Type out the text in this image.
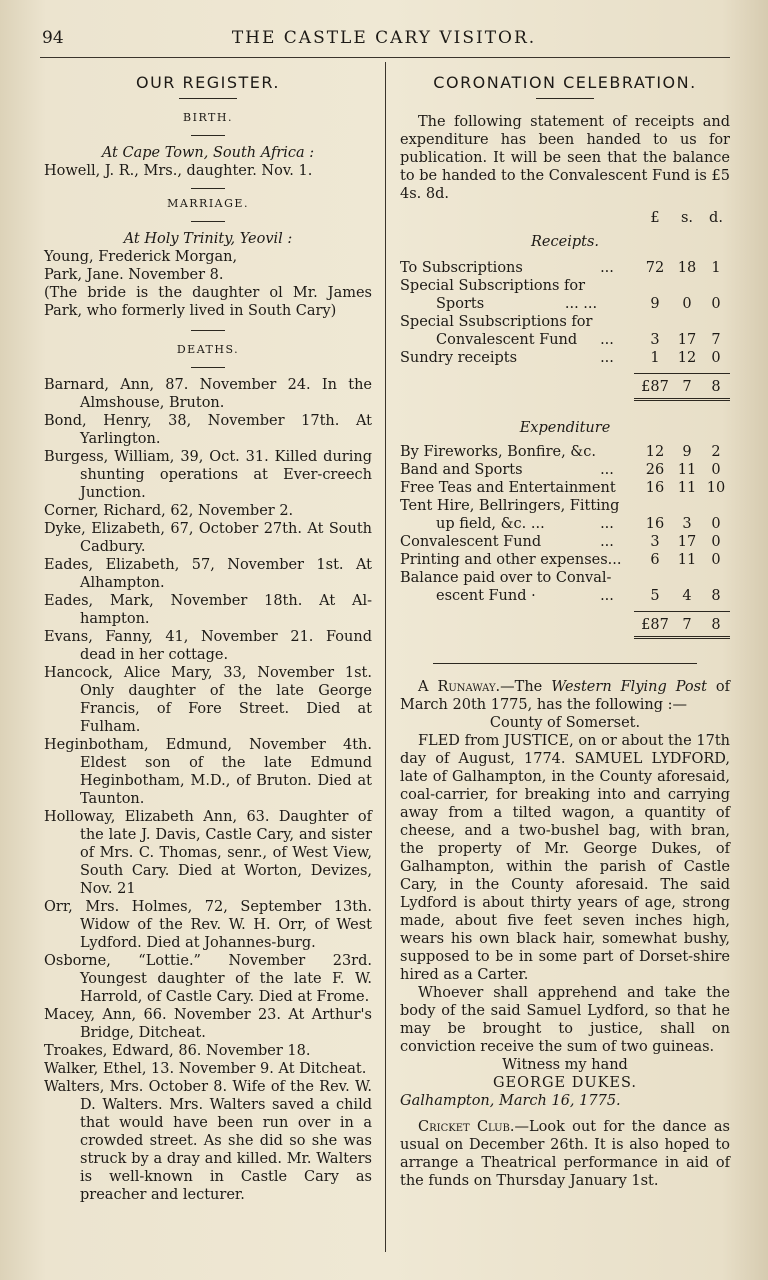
94	THE CASTLE CARY VISITOR.
OUR REGISTER.
BIRTH.

At Cape Town, South Africa :

Howell, J. R., Mrs., daughter. Nov. 1.

MARRIAGE.

At Holy Trinity, Yeovil :

Young, Frederick Morgan,

Park, Jane. November 8.

(The bride is the daughter ol Mr. James Park, who formerly lived in South Cary)

DEATHS.

Barnard, Ann, 87. November 24. In the Almshouse, Bruton.

Bond, Henry, 38, November 17th. At Yarlington.

Burgess, William, 39, Oct. 31. Killed during shunting operations at Ever-creech Junction.

Corner, Richard, 62, November 2.

Dyke, Elizabeth, 67, October 27th. At South Cadbury.

Eades, Elizabeth, 57, November 1st. At Alhampton.

Eades, Mark, November 18th. At Al-hampton.

Evans, Fanny, 41, November 21. Found dead in her cottage.

Hancock, Alice Mary, 33, November 1st. Only daughter of the late George Francis, of Fore Street. Died at Fulham.

Heginbotham, Edmund, November 4th. Eldest son of the late Edmund Heginbotham, M.D., of Bruton. Died at Taunton.

Holloway, Elizabeth Ann, 63. Daughter of the late J. Davis, Castle Cary, and sister of Mrs. C. Thomas, senr., of West View, South Cary. Died at Worton, Devizes, Nov. 21

Orr, Mrs. Holmes, 72, September 13th. Widow of the Rev. W. H. Orr, of West Lydford. Died at Johannes-burg.

Osborne, “Lottie.” November 23rd. Youngest daughter of the late F. W. Harrold, of Castle Cary. Died at Frome.

Macey, Ann, 66. November 23. At Arthur's Bridge, Ditcheat.

Troakes, Edward, 86. November 18.

Walker, Ethel, 13. November 9. At Ditcheat.

Walters, Mrs. October 8. Wife of the Rev. W. D. Walters. Mrs. Walters saved a child that would have been run over in a crowded street. As she did so she was struck by a dray and killed. Mr. Walters is well-known in Castle Cary as preacher and lecturer.

CORONATION CELEBRATION.

The following statement of receipts and expenditure has been handed to us for publication. It will be seen that the balance to be handed to the Convalescent Fund is £5 4s. 8d.

£	s.	d.

Receipts.

To Subscriptions	...	72 18	1
Special Subscriptions for
Sports	... ...	9	0	0
Special Ssubscriptions for
Convalescent Fund	...	3	17	7
Sundry receipts	...	1	12	0
£87 7	8

Expenditure

By Fireworks, Bonfire, &c.	12	9	2
Band and Sports	...	26 11	0
Free Teas and Entertainment	16 11 10
Tent Hire, Bellringers, Fitting
up field, &c. ...	...	16	3	0
Convalescent Fund	...	3	17	0
Printing and other expenses...	6	11	0
Balance paid over to Conval-
escent Fund ·	...	5	4	8
£87 7	8

A Runaway.—The Western Flying Post of March 20th 1775, has the following :—

County of Somerset.

FLED from JUSTICE, on or about the 17th day of August, 1774. SAMUEL LYDFORD, late of Galhampton, in the County aforesaid, coal-carrier, for breaking into and carrying away from a tilted wagon, a quantity of cheese, and a two-bushel bag, with bran, the property of Mr. George Dukes, of Galhampton, within the parish of Castle Cary, in the County aforesaid. The said Lydford is about thirty years of age, strong made, about five feet seven inches high, wears his own black hair, somewhat bushy, supposed to be in some part of Dorset-shire hired as a Carter.

Whoever shall apprehend and take the body of the said Samuel Lydford, so that he may be brought to justice, shall on conviction receive the sum of two guineas.

Witness my hand

GEORGE DUKES.

Galhampton, March 16, 1775.

Cricket Club.—Look out for the dance as usual on December 26th. It is also hoped to arrange a Theatrical performance in aid of the funds on Thursday January 1st.
